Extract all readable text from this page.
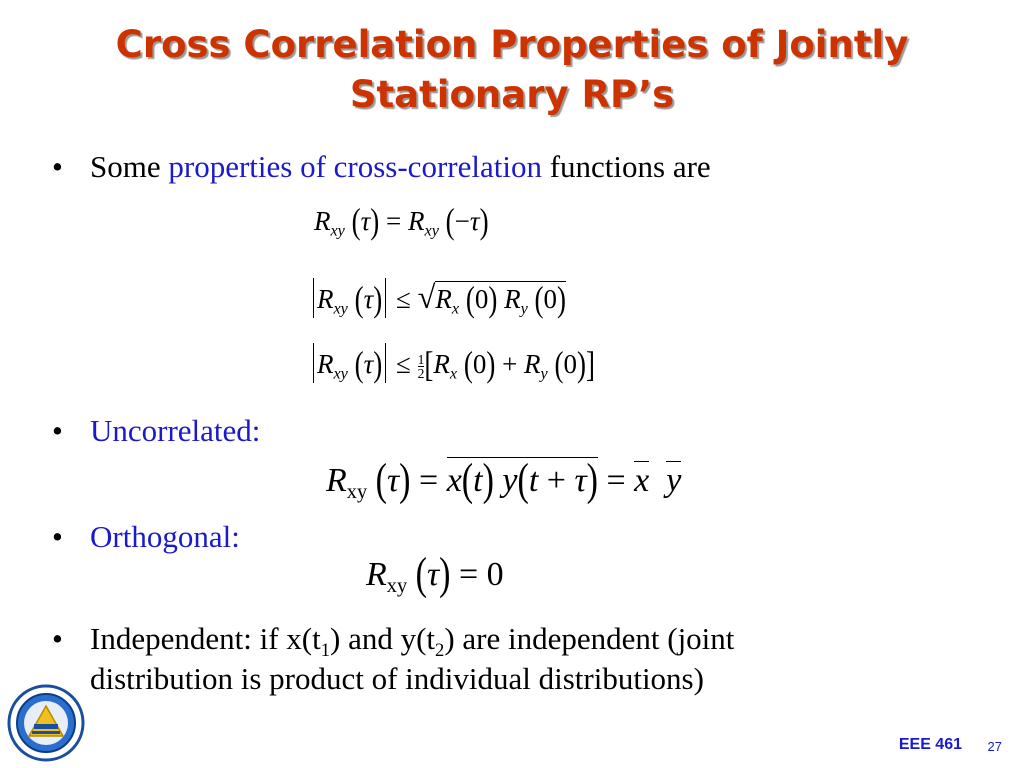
Cross Correlation Properties of Jointly
Stationary RP’s
• Some properties of cross-correlation functions are
$R_{xy}$ $(\tau) = R_{xy}$ (−τ)
$R_{xy}$ $(\tau) \le √R_x$ (0) $R_y$ (0)
$R_{xy}$ $(\tau) \le \frac{1}{2} [R_x$ $(0) + R_y$ (0)]
• Uncorrelated:
$R_{xy}$ (τ) = x(t) y(t + τ) = x y
• Orthogonal:
$R_{xy}$ (τ) = 0
• Independent: if $x(t_1)$ and $y(t_2)$ are independent (joint
distribution is product of individual distributions)
EEE 461 27
